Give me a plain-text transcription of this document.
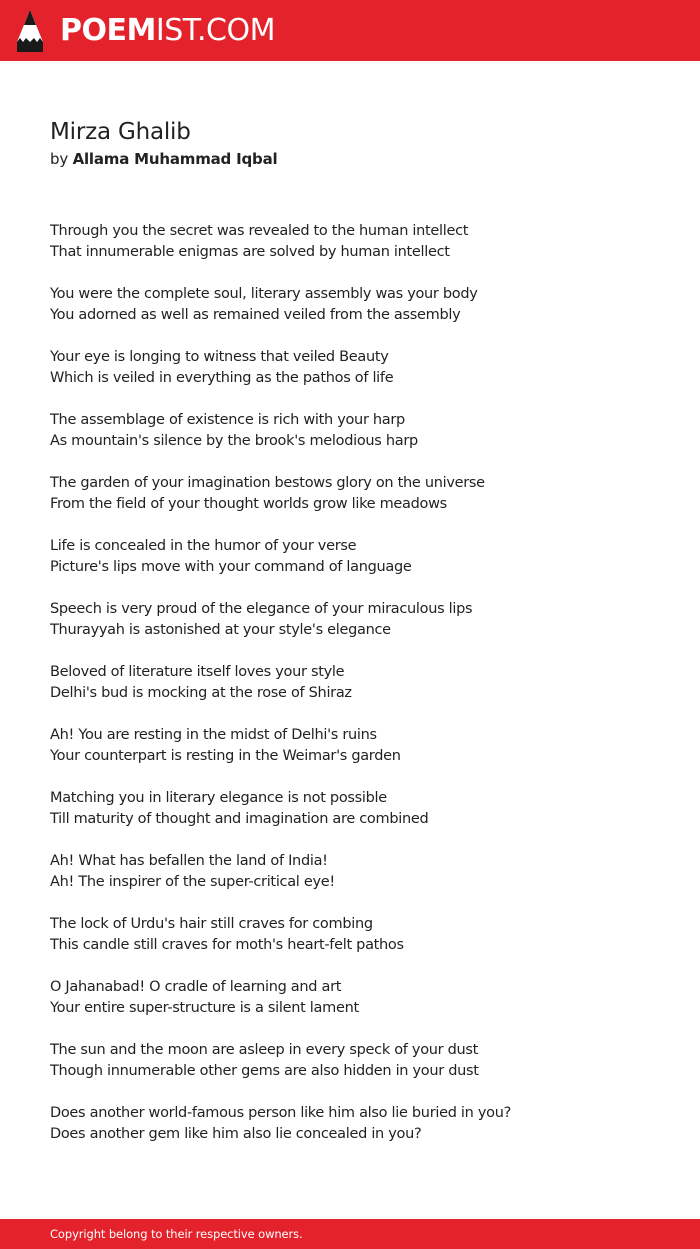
POEMIST.COM
Mirza Ghalib

by Allama Muhammad Iqbal

Through you the secret was revealed to the human intellect
That innumerable enigmas are solved by human intellect
You were the complete soul, literary assembly was your body
You adorned as well as remained veiled from the assembly
Your eye is longing to witness that veiled Beauty
Which is veiled in everything as the pathos of life
The assemblage of existence is rich with your harp
As mountain's silence by the brook's melodious harp
The garden of your imagination bestows glory on the universe
From the field of your thought worlds grow like meadows
Life is concealed in the humor of your verse
Picture's lips move with your command of language
Speech is very proud of the elegance of your miraculous lips
Thurayyah is astonished at your style's elegance
Beloved of literature itself loves your style
Delhi's bud is mocking at the rose of Shiraz
Ah! You are resting in the midst of Delhi's ruins
Your counterpart is resting in the Weimar's garden
Matching you in literary elegance is not possible
Till maturity of thought and imagination are combined
Ah! What has befallen the land of India!
Ah! The inspirer of the super-critical eye!
The lock of Urdu's hair still craves for combing
This candle still craves for moth's heart-felt pathos
O Jahanabad! O cradle of learning and art
Your entire super-structure is a silent lament
The sun and the moon are asleep in every speck of your dust
Though innumerable other gems are also hidden in your dust
Does another world-famous person like him also lie buried in you?
Does another gem like him also lie concealed in you?
Copyright belong to their respective owners.
